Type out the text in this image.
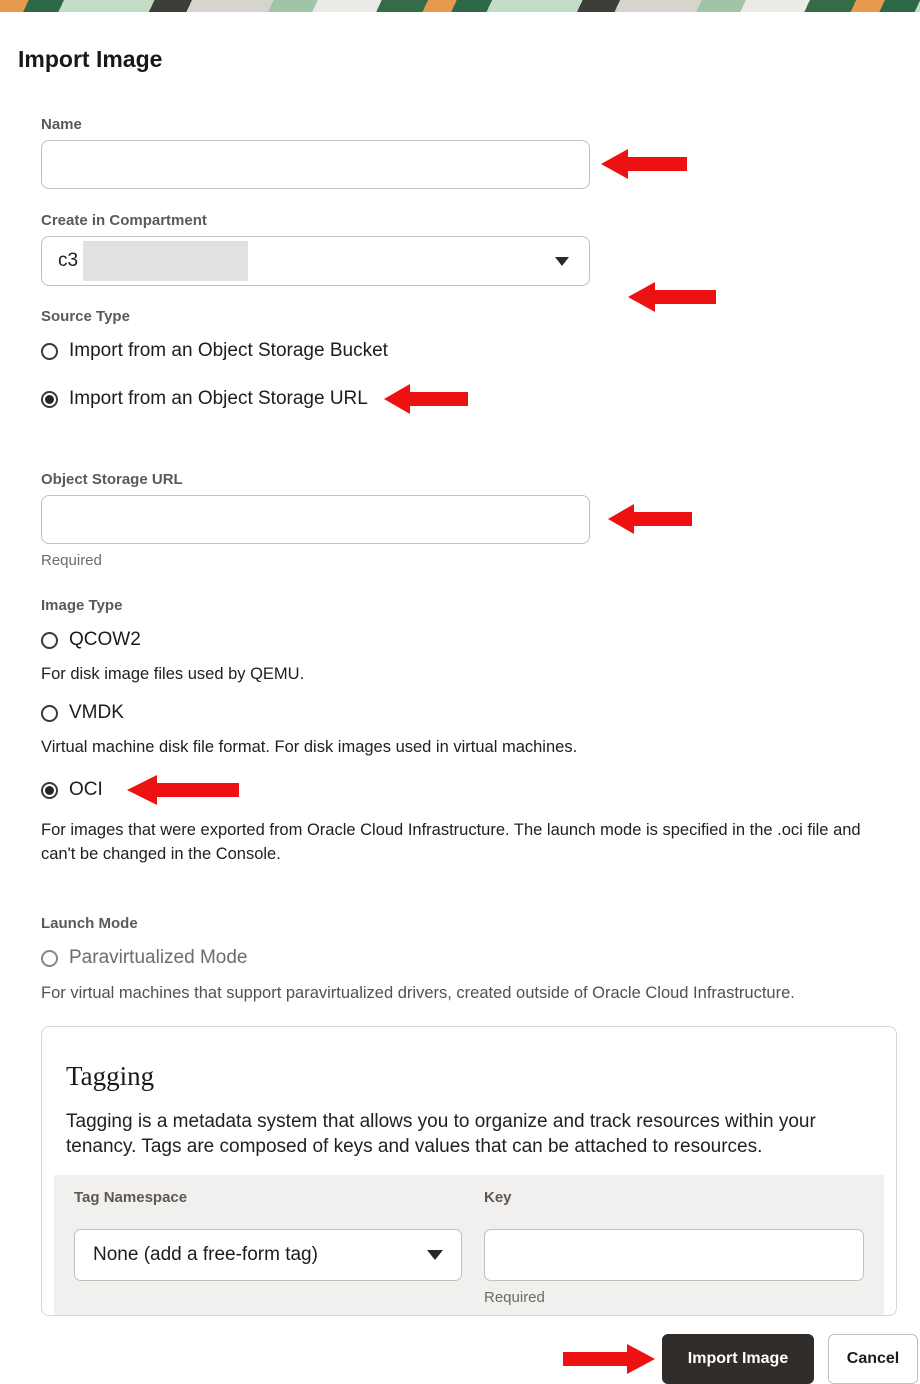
Import Image
Name
Create in Compartment
c3
Source Type
Import from an Object Storage Bucket
Import from an Object Storage URL
Object Storage URL
Required
Image Type
QCOW2
For disk image files used by QEMU.
VMDK
Virtual machine disk file format. For disk images used in virtual machines.
OCI
For images that were exported from Oracle Cloud Infrastructure. The launch mode is specified in the .oci file and can't be changed in the Console.
Launch Mode
Paravirtualized Mode
For virtual machines that support paravirtualized drivers, created outside of Oracle Cloud Infrastructure.
Tagging
Tagging is a metadata system that allows you to organize and track resources within your tenancy. Tags are composed of keys and values that can be attached to resources.
Tag Namespace
None (add a free-form tag)
Key
Required
Import Image	Cancel
